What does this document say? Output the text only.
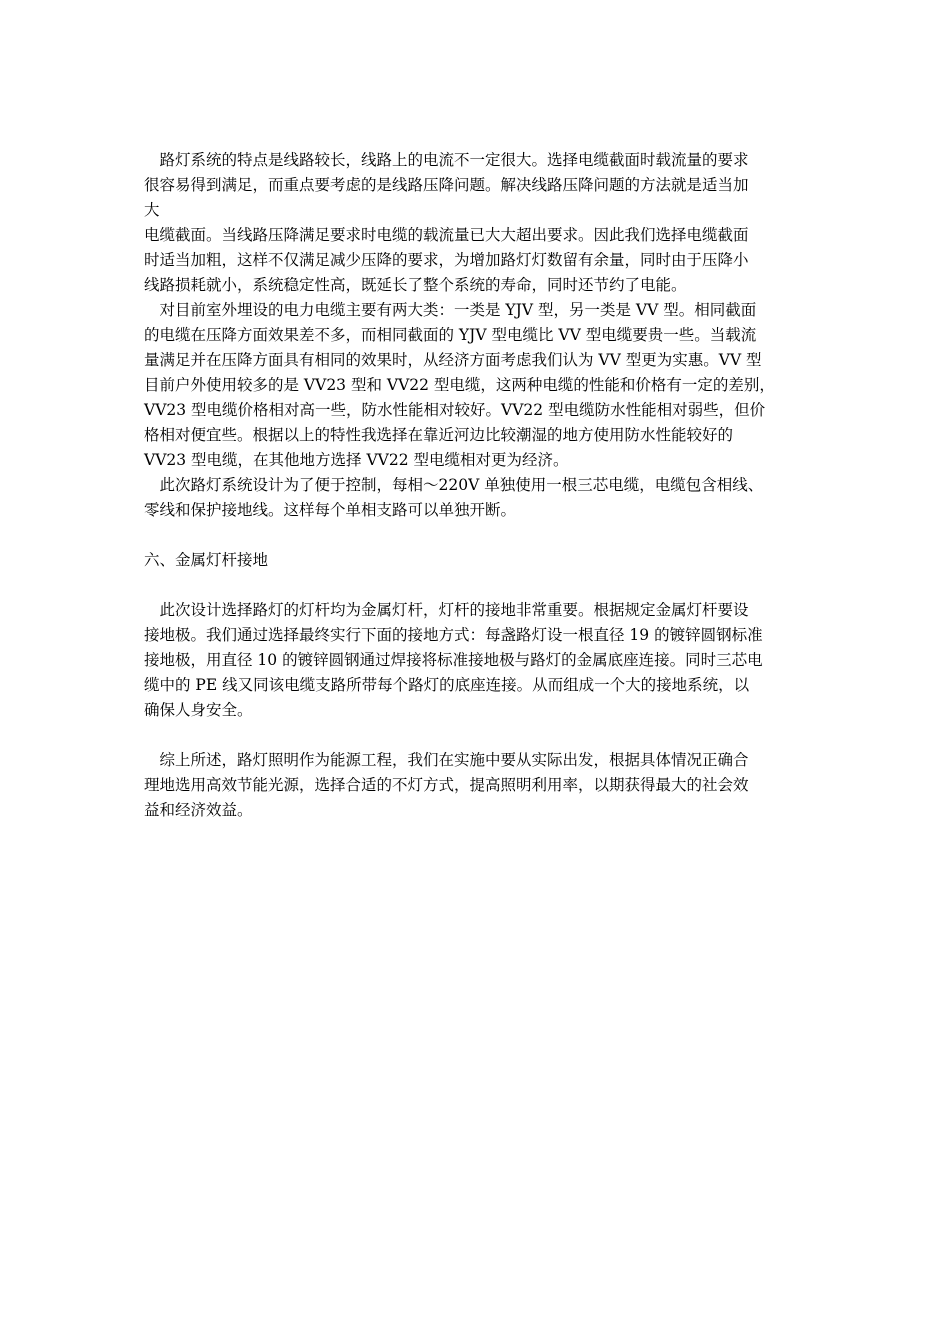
　路灯系统的特点是线路较长，线路上的电流不一定很大。选择电缆截面时载流量的要求
很容易得到满足，而重点要考虑的是线路压降问题。解决线路压降问题的方法就是适当加
大
电缆截面。当线路压降满足要求时电缆的载流量已大大超出要求。因此我们选择电缆截面
时适当加粗，这样不仅满足减少压降的要求，为增加路灯灯数留有余量，同时由于压降小
线路损耗就小，系统稳定性高，既延长了整个系统的寿命，同时还节约了电能。
　对目前室外埋设的电力电缆主要有两大类：一类是 YJV 型，另一类是 VV 型。相同截面
的电缆在压降方面效果差不多，而相同截面的 YJV 型电缆比 VV 型电缆要贵一些。当载流
量满足并在压降方面具有相同的效果时，从经济方面考虑我们认为 VV 型更为实惠。VV 型
目前户外使用较多的是 VV23 型和 VV22 型电缆，这两种电缆的性能和价格有一定的差别，
VV23 型电缆价格相对高一些，防水性能相对较好。VV22 型电缆防水性能相对弱些，但价
格相对便宜些。根据以上的特性我选择在靠近河边比较潮湿的地方使用防水性能较好的
VV23 型电缆，在其他地方选择 VV22 型电缆相对更为经济。
　此次路灯系统设计为了便于控制，每相～220V 单独使用一根三芯电缆，电缆包含相线、
零线和保护接地线。这样每个单相支路可以单独开断。
六、金属灯杆接地
　此次设计选择路灯的灯杆均为金属灯杆，灯杆的接地非常重要。根据规定金属灯杆要设
接地极。我们通过选择最终实行下面的接地方式：每盏路灯设一根直径 19 的镀锌圆钢标准
接地极，用直径 10 的镀锌圆钢通过焊接将标准接地极与路灯的金属底座连接。同时三芯电
缆中的 PE 线又同该电缆支路所带每个路灯的底座连接。从而组成一个大的接地系统，以
确保人身安全。
　综上所述，路灯照明作为能源工程，我们在实施中要从实际出发，根据具体情况正确合
理地选用高效节能光源，选择合适的不灯方式，提高照明利用率，以期获得最大的社会效
益和经济效益。
